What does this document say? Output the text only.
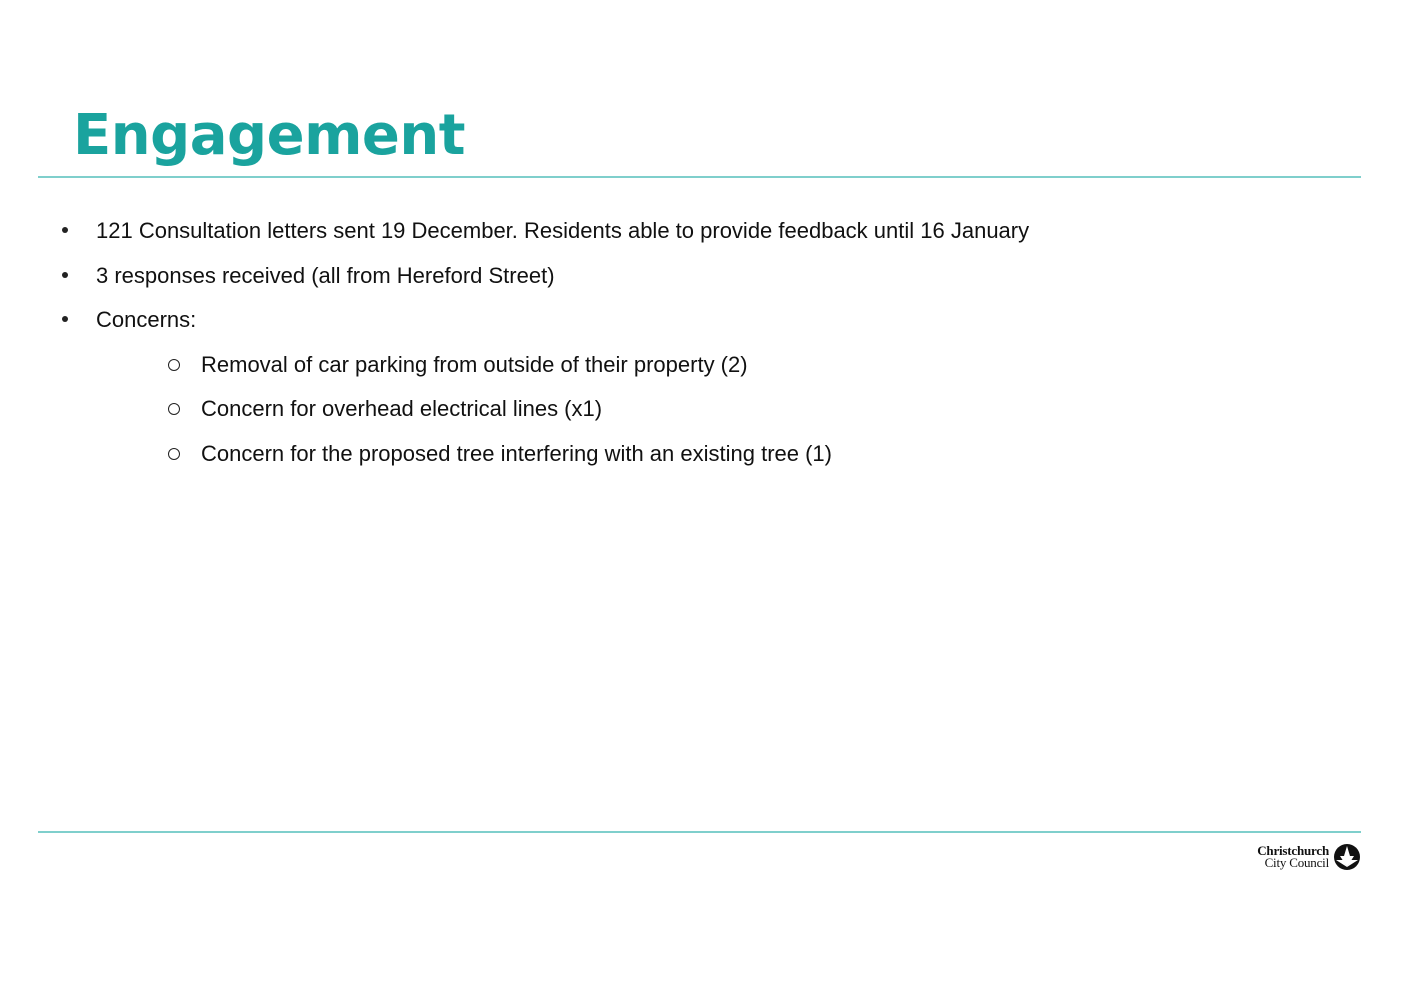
Engagement
121 Consultation letters sent 19 December. Residents able to provide feedback until 16 January
3 responses received (all from Hereford Street)
Concerns:
Removal of car parking from outside of their property (2)
Concern for overhead electrical lines (x1)
Concern for the proposed tree interfering with an existing tree (1)
Christchurch
City Council
